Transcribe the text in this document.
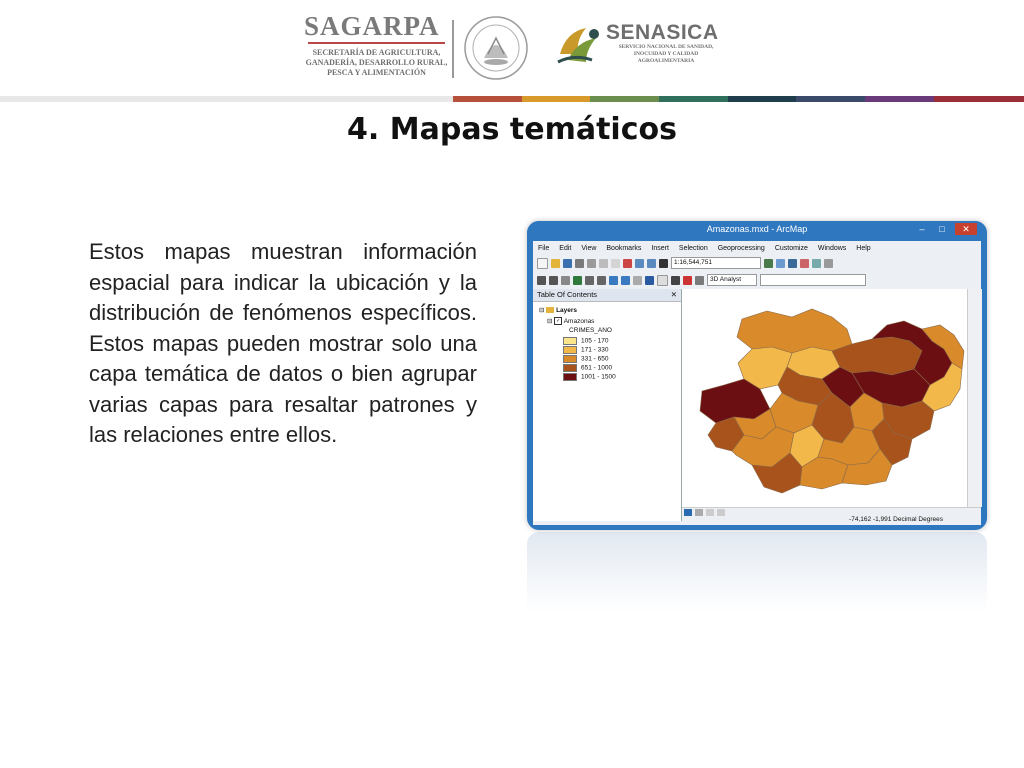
SAGARPA
SECRETARÍA DE AGRICULTURA, GANADERÍA, DESARROLLO RURAL, PESCA Y ALIMENTACIÓN
SENASICA
SERVICIO NACIONAL DE SANIDAD, INOCUIDAD Y CALIDAD AGROALIMENTARIA
4. Mapas temáticos
Estos mapas muestran información espacial para indicar la ubicación y la distribución de fenómenos específicos. Estos mapas pueden mostrar solo una capa temática de datos o bien agrupar varias capas para resaltar patrones y las relaciones entre ellos.
Amazonas.mxd - ArcMap	–	□	✕
File	Edit	View	Bookmarks	Insert	Selection	Geoprocessing	Customize	Windows	Help
1:16,544,751
3D Analyst
Table Of Contents	✕
⊟  Layers
⊟ ✓ Amazonas
CRIMES_ANO
105 - 170
171 - 330
331 - 650
651 - 1000
1001 - 1500
-74,162 -1,991 Decimal Degrees
